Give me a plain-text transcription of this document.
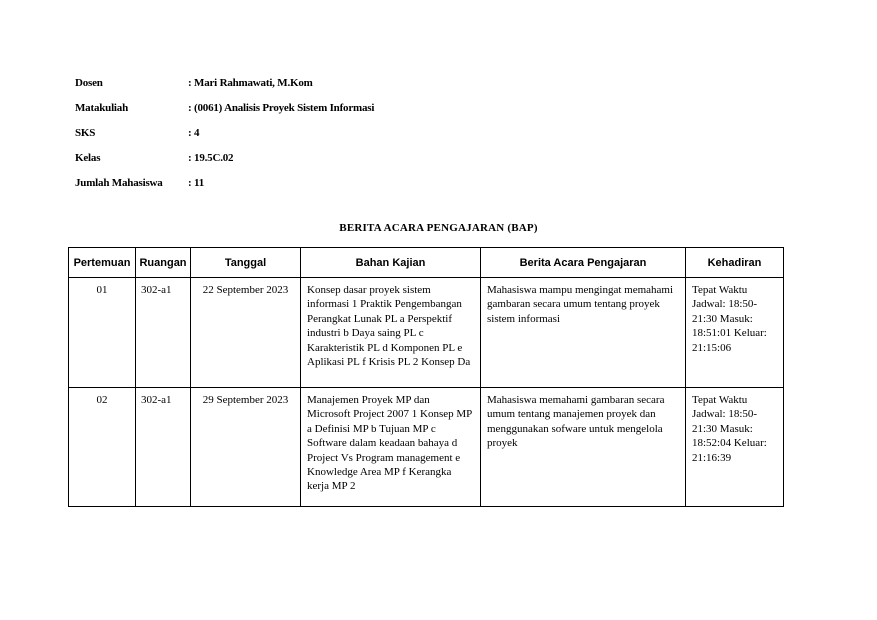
Dosen	: Mari Rahmawati, M.Kom
Matakuliah	: (0061) Analisis Proyek Sistem Informasi
SKS	: 4
Kelas	: 19.5C.02
Jumlah Mahasiswa : 11
BERITA ACARA PENGAJARAN (BAP)
Pertemuan	Ruangan	Tanggal	Bahan Kajian	Berita Acara Pengajaran	Kehadiran
01	302-a1	22 September 2023	Konsep dasar proyek sistem informasi 1 Praktik Pengembangan Perangkat Lunak PL a Perspektif industri b Daya saing PL c Karakteristik PL d Komponen PL e Aplikasi PL f Krisis PL 2 Konsep Da	Mahasiswa mampu mengingat memahami gambaran secara umum tentang proyek sistem informasi	Tepat Waktu Jadwal: 18:50-21:30 Masuk: 18:51:01 Keluar: 21:15:06
02	302-a1	29 September 2023	Manajemen Proyek MP dan Microsoft Project 2007 1 Konsep MP a Definisi MP b Tujuan MP c Software dalam keadaan bahaya d Project Vs Program management e Knowledge Area MP f Kerangka kerja MP 2	Mahasiswa memahami gambaran secara umum tentang manajemen proyek dan menggunakan sofware untuk mengelola proyek	Tepat Waktu Jadwal: 18:50-21:30 Masuk: 18:52:04 Keluar: 21:16:39
